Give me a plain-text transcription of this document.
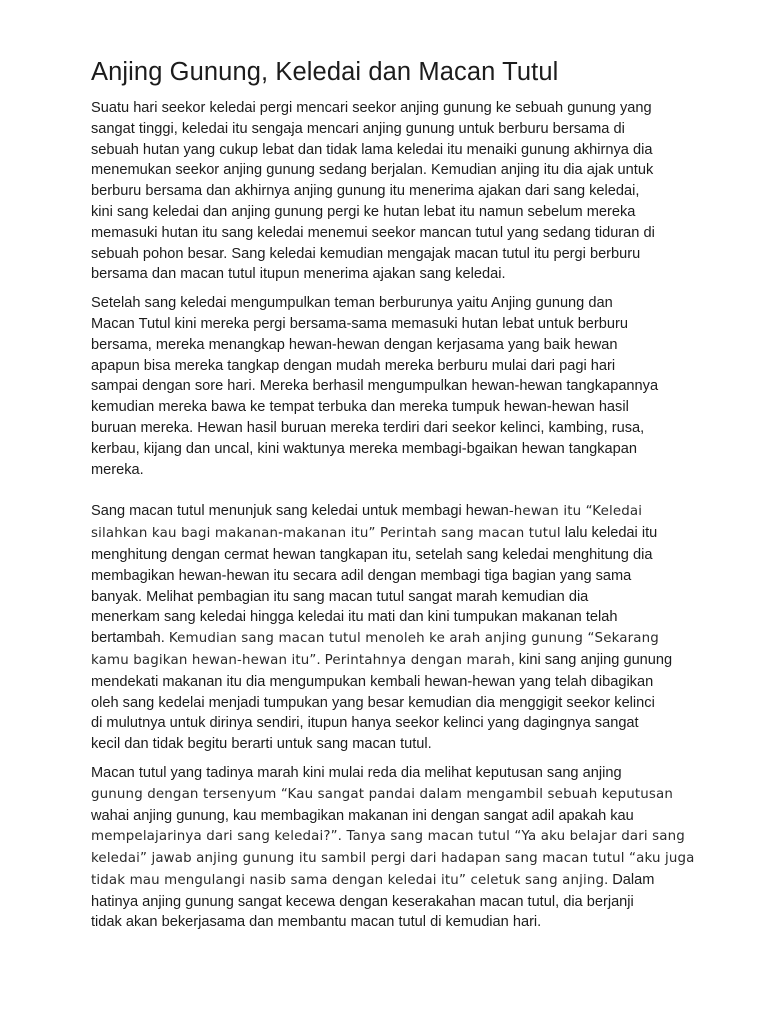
Anjing Gunung, Keledai dan Macan Tutul

Suatu hari seekor keledai pergi mencari seekor anjing gunung ke sebuah gunung yang
sangat tinggi, keledai itu sengaja mencari anjing gunung untuk berburu bersama di
sebuah hutan yang cukup lebat dan tidak lama keledai itu menaiki gunung akhirnya dia
menemukan seekor anjing gunung sedang berjalan. Kemudian anjing itu dia ajak untuk
berburu bersama dan akhirnya anjing gunung itu menerima ajakan dari sang keledai,
kini sang keledai dan anjing gunung pergi ke hutan lebat itu namun sebelum mereka
memasuki hutan itu sang keledai menemui seekor mancan tutul yang sedang tiduran di
sebuah pohon besar. Sang keledai kemudian mengajak macan tutul itu pergi berburu
bersama dan macan tutul itupun menerima ajakan sang keledai.

Setelah sang keledai mengumpulkan teman berburunya yaitu Anjing gunung dan
Macan Tutul kini mereka pergi bersama-sama memasuki hutan lebat untuk berburu
bersama, mereka menangkap hewan-hewan dengan kerjasama yang baik hewan
apapun bisa mereka tangkap dengan mudah mereka berburu mulai dari pagi hari
sampai dengan sore hari. Mereka berhasil mengumpulkan hewan-hewan tangkapannya
kemudian mereka bawa ke tempat terbuka dan mereka tumpuk hewan-hewan hasil
buruan mereka. Hewan hasil buruan mereka terdiri dari seekor kelinci, kambing, rusa,
kerbau, kijang dan uncal, kini waktunya mereka membagi-bgaikan hewan tangkapan
mereka.

Sang macan tutul menunjuk sang keledai untuk membagi hewan-hewan itu “Keledai
silahkan kau bagi makanan-makanan itu” Perintah sang macan tutul lalu keledai itu
menghitung dengan cermat hewan tangkapan itu, setelah sang keledai menghitung dia
membagikan hewan-hewan itu secara adil dengan membagi tiga bagian yang sama
banyak. Melihat pembagian itu sang macan tutul sangat marah kemudian dia
menerkam sang keledai hingga keledai itu mati dan kini tumpukan makanan telah
bertambah. Kemudian sang macan tutul menoleh ke arah anjing gunung “Sekarang
kamu bagikan hewan-hewan itu”. Perintahnya dengan marah, kini sang anjing gunung
mendekati makanan itu dia mengumpukan kembali hewan-hewan yang telah dibagikan
oleh sang kedelai menjadi tumpukan yang besar kemudian dia menggigit seekor kelinci
di mulutnya untuk dirinya sendiri, itupun hanya seekor kelinci yang dagingnya sangat
kecil dan tidak begitu berarti untuk sang macan tutul.

Macan tutul yang tadinya marah kini mulai reda dia melihat keputusan sang anjing
gunung dengan tersenyum “Kau sangat pandai dalam mengambil sebuah keputusan
wahai anjing gunung, kau membagikan makanan ini dengan sangat adil apakah kau
mempelajarinya dari sang keledai?”. Tanya sang macan tutul “Ya aku belajar dari sang
keledai” jawab anjing gunung itu sambil pergi dari hadapan sang macan tutul “aku juga
tidak mau mengulangi nasib sama dengan keledai itu” celetuk sang anjing. Dalam
hatinya anjing gunung sangat kecewa dengan keserakahan macan tutul, dia berjanji
tidak akan bekerjasama dan membantu macan tutul di kemudian hari.
